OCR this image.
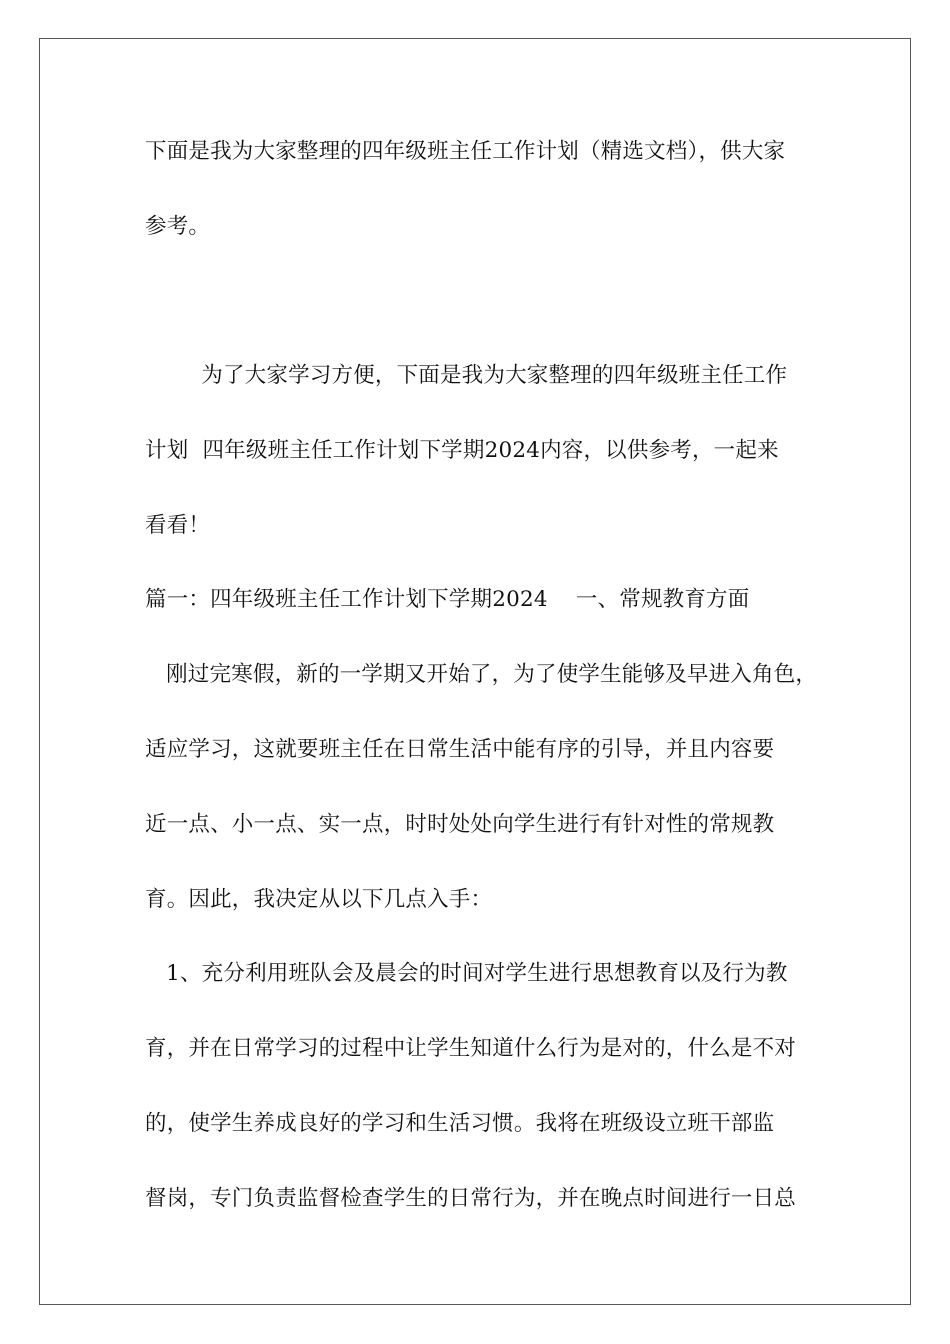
下面是我为大家整理的四年级班主任工作计划（精选文档），供大家
参考。
为了大家学习方便，下面是我为大家整理的四年级班主任工作
计划  四年级班主任工作计划下学期2024内容，以供参考，一起来
看看！
篇一：四年级班主任工作计划下学期2024    一、常规教育方面
刚过完寒假，新的一学期又开始了，为了使学生能够及早进入角色，
适应学习，这就要班主任在日常生活中能有序的引导，并且内容要
近一点、小一点、实一点，时时处处向学生进行有针对性的常规教
育。因此，我决定从以下几点入手：
1、充分利用班队会及晨会的时间对学生进行思想教育以及行为教
育，并在日常学习的过程中让学生知道什么行为是对的，什么是不对
的，使学生养成良好的学习和生活习惯。我将在班级设立班干部监
督岗，专门负责监督检查学生的日常行为，并在晚点时间进行一日总
